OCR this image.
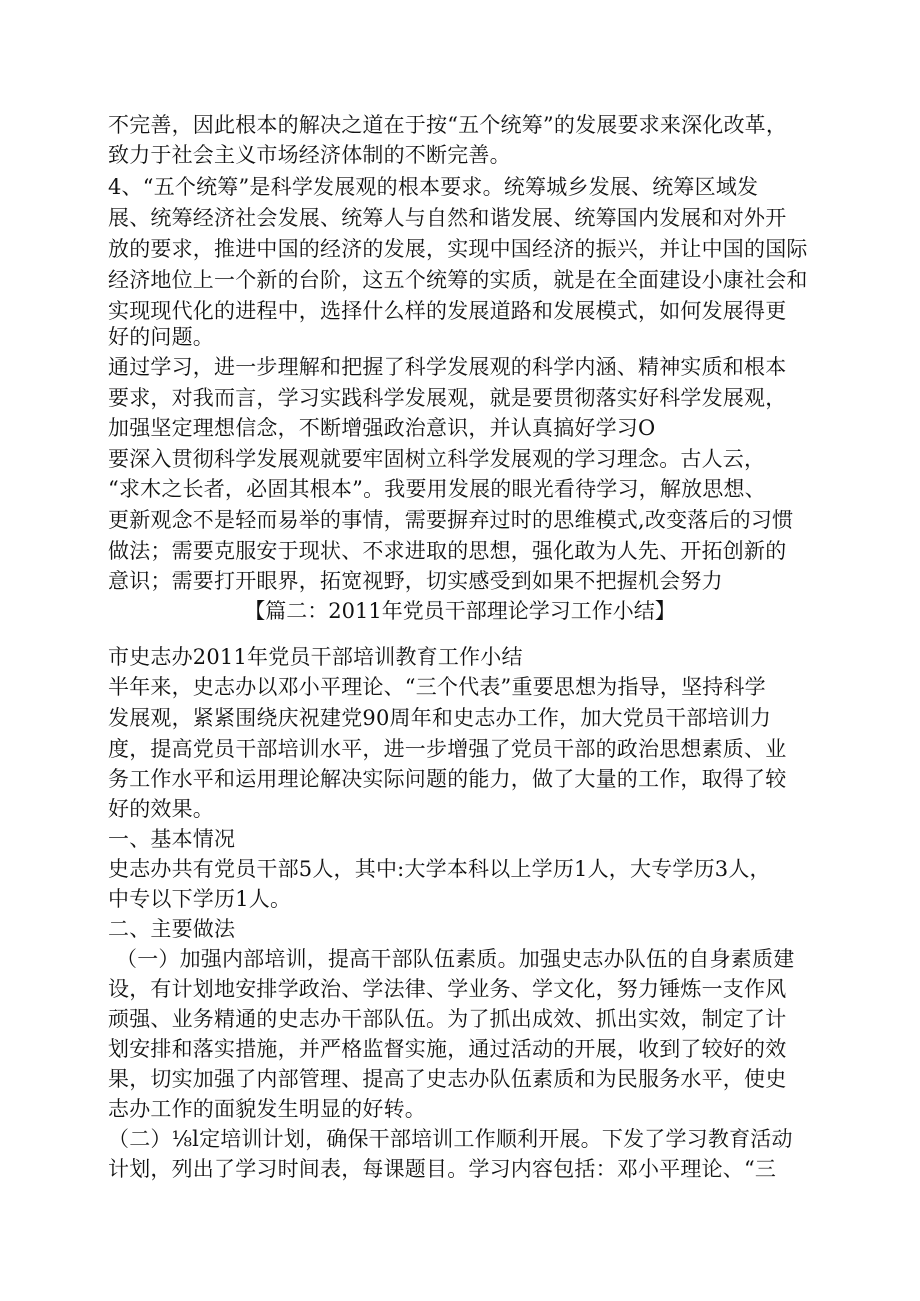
不完善，因此根本的解决之道在于按“五个统筹”的发展要求来深化改革，
致力于社会主义市场经济体制的不断完善。
4、“五个统筹”是科学发展观的根本要求。统筹城乡发展、统筹区域发
展、统筹经济社会发展、统筹人与自然和谐发展、统筹国内发展和对外开
放的要求，推进中国的经济的发展，实现中国经济的振兴，并让中国的国际
经济地位上一个新的台阶，这五个统筹的实质，就是在全面建设小康社会和
实现现代化的进程中，选择什么样的发展道路和发展模式，如何发展得更
好的问题。
通过学习，进一步理解和把握了科学发展观的科学内涵、精神实质和根本
要求，对我而言，学习实践科学发展观，就是要贯彻落实好科学发展观，
加强坚定理想信念，不断增强政治意识，并认真搞好学习O
要深入贯彻科学发展观就要牢固树立科学发展观的学习理念。古人云，
“求木之长者，必固其根本”。我要用发展的眼光看待学习，解放思想、
更新观念不是轻而易举的事情，需要摒弃过时的思维模式,改变落后的习惯
做法；需要克服安于现状、不求进取的思想，强化敢为人先、开拓创新的
意识；需要打开眼界，拓宽视野，切实感受到如果不把握机会努力
【篇二：2011年党员干部理论学习工作小结】
市史志办2011年党员干部培训教育工作小结
半年来，史志办以邓小平理论、“三个代表”重要思想为指导，坚持科学
发展观，紧紧围绕庆祝建党90周年和史志办工作，加大党员干部培训力
度，提高党员干部培训水平，进一步增强了党员干部的政治思想素质、业
务工作水平和运用理论解决实际问题的能力，做了大量的工作，取得了较
好的效果。
一、基本情况
史志办共有党员干部5人，其中:大学本科以上学历1人，大专学历3人，
中专以下学历1人。
二、主要做法
（一）加强内部培训，提高干部队伍素质。加强史志办队伍的自身素质建
设，有计划地安排学政治、学法律、学业务、学文化，努力锤炼一支作风
顽强、业务精通的史志办干部队伍。为了抓出成效、抓出实效，制定了计
划安排和落实措施，并严格监督实施，通过活动的开展，收到了较好的效
果，切实加强了内部管理、提高了史志办队伍素质和为民服务水平，使史
志办工作的面貌发生明显的好转。
（二）⅛l定培训计划，确保干部培训工作顺利开展。下发了学习教育活动
计划，列出了学习时间表，每课题目。学习内容包括：邓小平理论、“三
